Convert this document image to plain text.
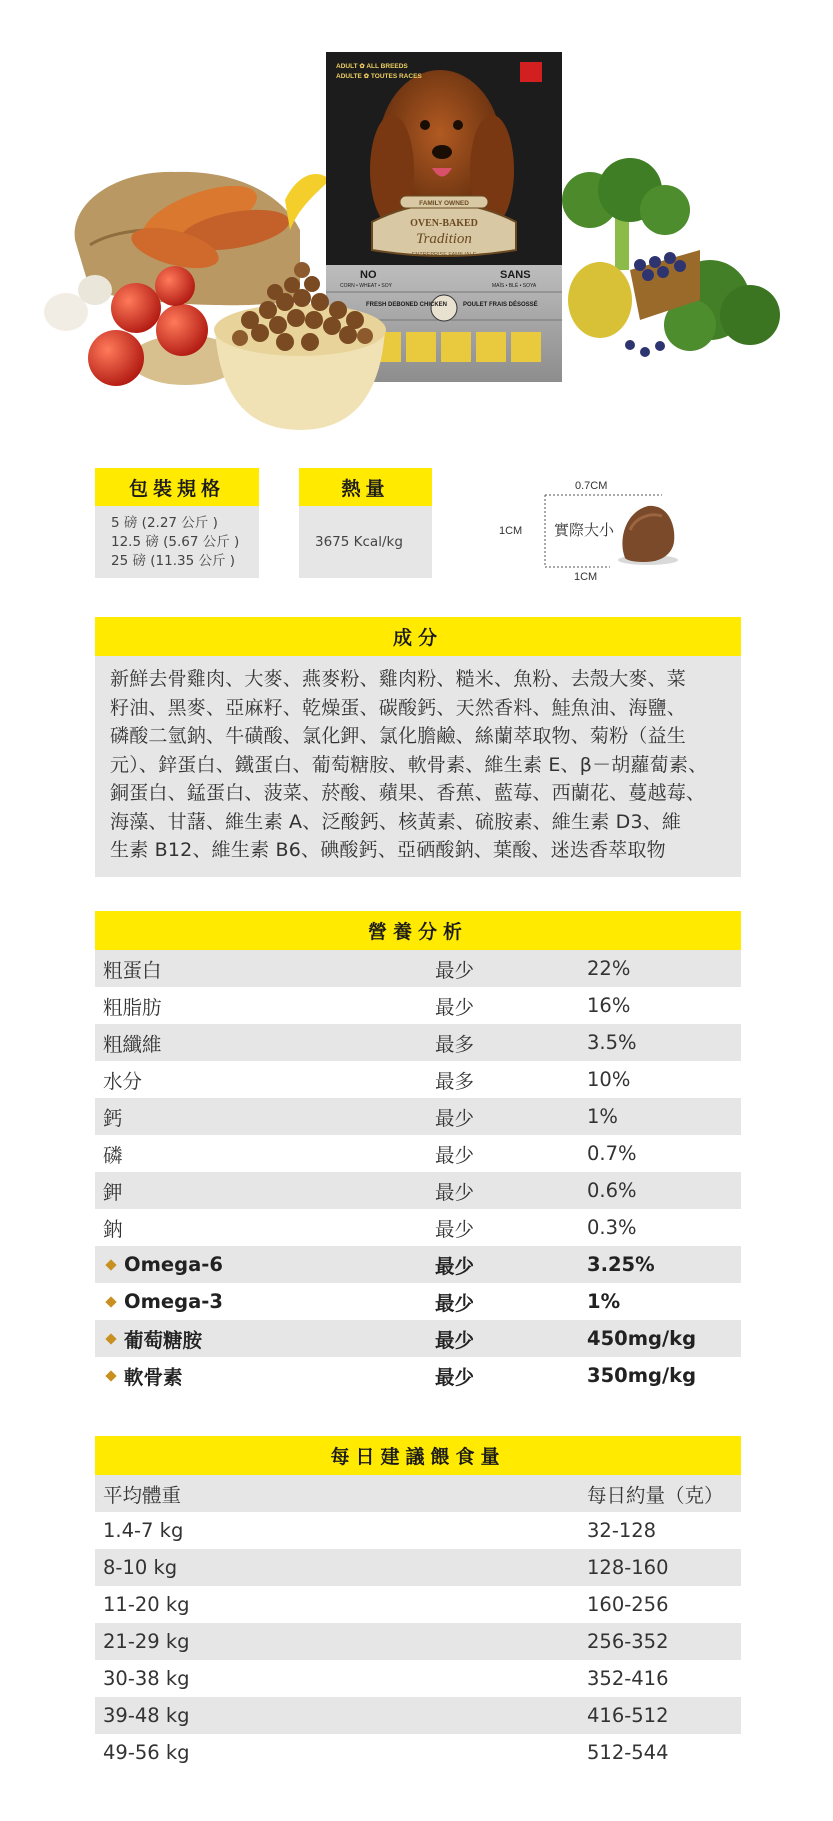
ADULT ✿ ALL BREEDS
ADULTE ✿ TOUTES RACES
FAMILY OWNED
OVEN-BAKED
Tradition
ENTREPRISE FAMILIALE
NO
CORN • WHEAT • SOY
SANS
MAÏS • BLÉ • SOYA
FRESH DEBONED CHICKEN	POULET FRAIS DÉSOSSÉ
包裝規格
5 磅 (2.27 公斤 )
12.5 磅 (5.67 公斤 )
25 磅 (11.35 公斤 )
熱量
3675 Kcal/kg
0.7CM
1CM 實際大小
1CM
成分
新鮮去骨雞肉、大麥、燕麥粉、雞肉粉、糙米、魚粉、去殼大麥、菜
籽油、黑麥、亞麻籽、乾燥蛋、碳酸鈣、天然香料、鮭魚油、海鹽、
磷酸二氫鈉、牛磺酸、氯化鉀、氯化膽鹼、絲蘭萃取物、菊粉（益生
元）、鋅蛋白、鐵蛋白、葡萄糖胺、軟骨素、維生素 E、β－胡蘿蔔素、
銅蛋白、錳蛋白、菠菜、菸酸、蘋果、香蕉、藍莓、西蘭花、蔓越莓、
海藻、甘藷、維生素 A、泛酸鈣、核黃素、硫胺素、維生素 D3、維
生素 B12、維生素 B6、碘酸鈣、亞硒酸鈉、葉酸、迷迭香萃取物
營養分析
粗蛋白	最少	22%
粗脂肪	最少	16%
粗纖維	最多	3.5%
水分	最多	10%
鈣	最少	1%
磷	最少	0.7%
鉀	最少	0.6%
鈉	最少	0.3%
Omega-6	最少	3.25%
Omega-3	最少	1%
葡萄糖胺	最少	450mg/kg
軟骨素	最少	350mg/kg
每日建議餵食量
平均體重	每日約量（克）
1.4-7 kg	32-128
8-10 kg	128-160
11-20 kg	160-256
21-29 kg	256-352
30-38 kg	352-416
39-48 kg	416-512
49-56 kg	512-544
